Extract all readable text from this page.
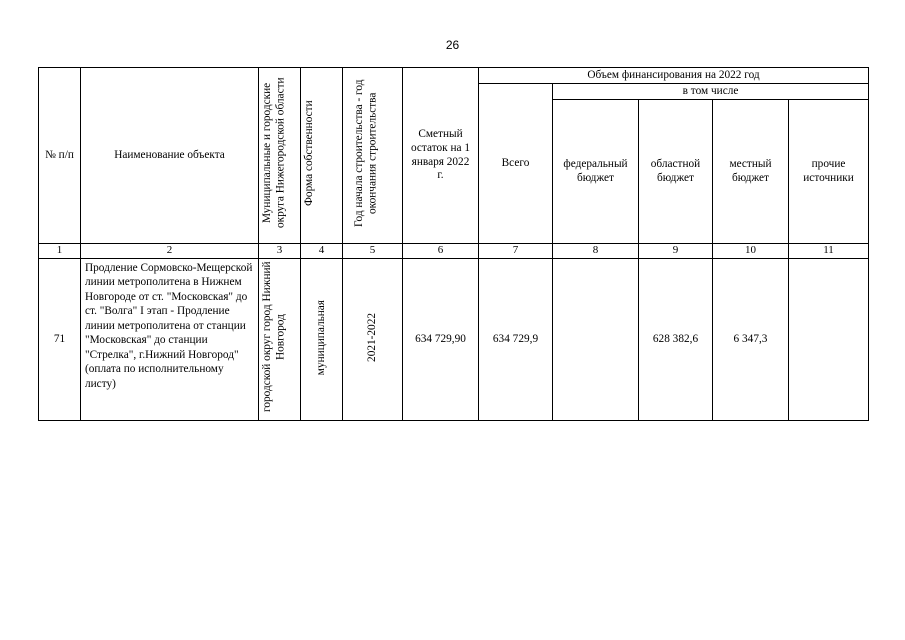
26
№ п/п	Наименование объекта	Муниципальные и городские округа Нижегородской области	Форма собственности	Год начала строительства - год окончания строительства	Сметный остаток на 1 января 2022 г.	Объем финансирования на 2022 год				
						Всего	в том числе			
							федеральный бюджет	областной бюджет	местный бюджет	прочие источники
1	2	3	4	5	6	7	8	9	10	11
71	Продление Сормовско-Мещерской линии метрополитена в Нижнем Новгороде от ст. "Московская" до ст. "Волга" I этап - Продление линии метрополитена от станции "Московская" до станции "Стрелка", г.Нижний Новгород" (оплата по исполнительному листу)	городской округ город Нижний Новгород	муниципальная	2021-2022	634 729,90	634 729,9		628 382,6	6 347,3	
